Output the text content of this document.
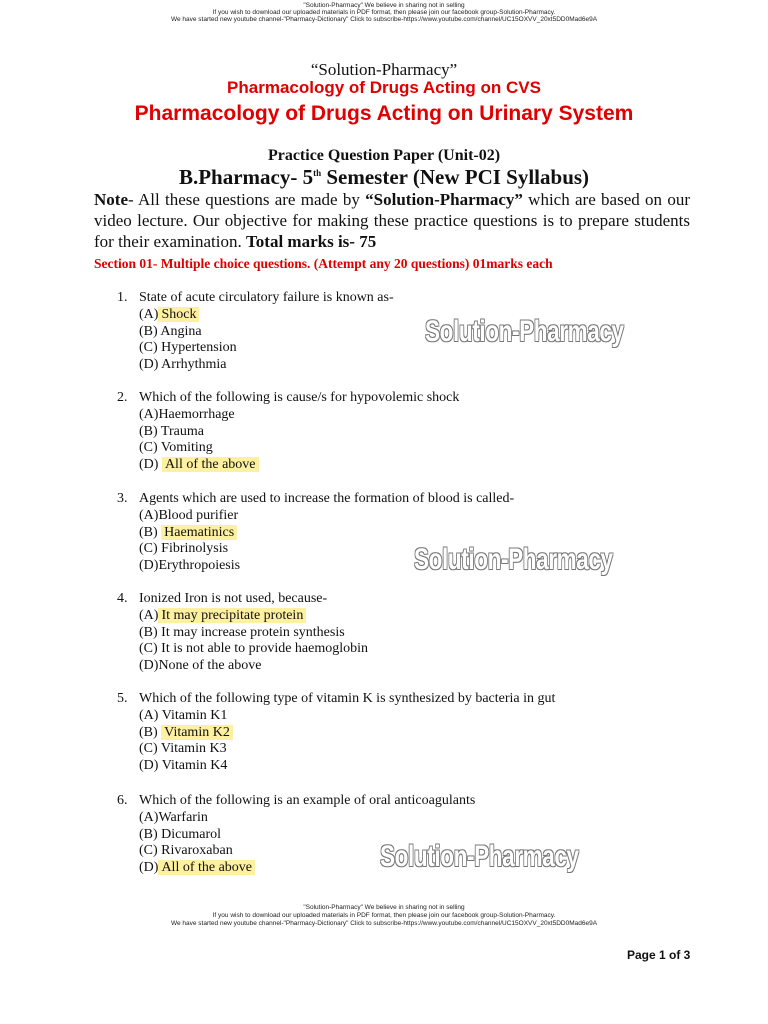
"Solution-Pharmacy" We believe in sharing not in selling
If you wish to download our uploaded materials in PDF format, then please join our facebook group-Solution-Pharmacy.
We have started new youtube channel-"Pharmacy-Dictionary" Click to subscribe-https://www.youtube.com/channel/UC15OXVV_20xt5DD0Mad6e9A
“Solution-Pharmacy”
Pharmacology of Drugs Acting on CVS
Pharmacology of Drugs Acting on Urinary System
Practice Question Paper (Unit-02)
B.Pharmacy- 5th Semester (New PCI Syllabus)
Note- All these questions are made by “Solution-Pharmacy” which are based on our video lecture. Our objective for making these practice questions is to prepare students for their examination. Total marks is- 75
Section 01- Multiple choice questions. (Attempt any 20 questions) 01marks each
1. State of acute circulatory failure is known as-
(A) Shock
(B) Angina
(C) Hypertension
(D) Arrhythmia
2. Which of the following is cause/s for hypovolemic shock
(A)Haemorrhage
(B) Trauma
(C) Vomiting
(D) All of the above
3. Agents which are used to increase the formation of blood is called-
(A)Blood purifier
(B) Haematinics
(C) Fibrinolysis
(D)Erythropoiesis
4. Ionized Iron is not used, because-
(A) It may precipitate protein
(B) It may increase protein synthesis
(C) It is not able to provide haemoglobin
(D)None of the above
5. Which of the following type of vitamin K is synthesized by bacteria in gut
(A) Vitamin K1
(B) Vitamin K2
(C) Vitamin K3
(D) Vitamin K4
6. Which of the following is an example of oral anticoagulants
(A)Warfarin
(B) Dicumarol
(C) Rivaroxaban
(D) All of the above
Solution-Pharmacy
Solution-Pharmacy
Solution-Pharmacy
"Solution-Pharmacy" We believe in sharing not in selling
If you wish to download our uploaded materials in PDF format, then please join our facebook group-Solution-Pharmacy.
We have started new youtube channel-"Pharmacy-Dictionary" Click to subscribe-https://www.youtube.com/channel/UC15OXVV_20xt5DD0Mad6e9A
Page 1 of 3
